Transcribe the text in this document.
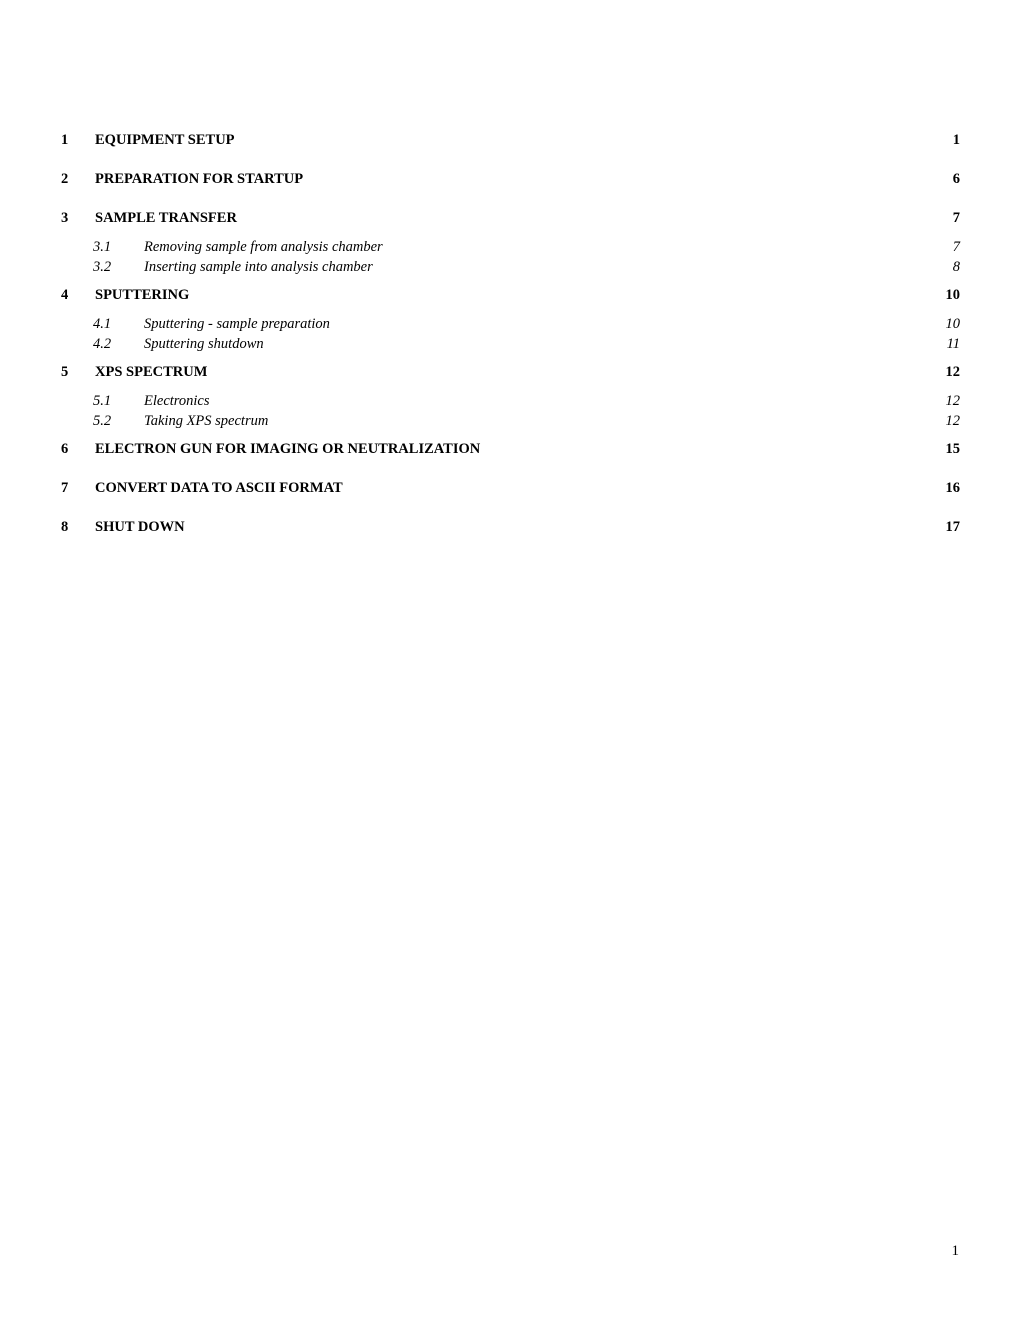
1	EQUIPMENT SETUP	1
2	PREPARATION FOR STARTUP	6
3	SAMPLE TRANSFER	7
3.1	Removing sample from analysis chamber	7
3.2	Inserting sample into analysis chamber	8
4	SPUTTERING	10
4.1	Sputtering - sample preparation	10
4.2	Sputtering shutdown	11
5	XPS SPECTRUM	12
5.1	Electronics	12
5.2	Taking XPS spectrum	12
6	ELECTRON GUN FOR IMAGING OR NEUTRALIZATION	15
7	CONVERT DATA TO ASCII FORMAT	16
8	SHUT DOWN	17
1
